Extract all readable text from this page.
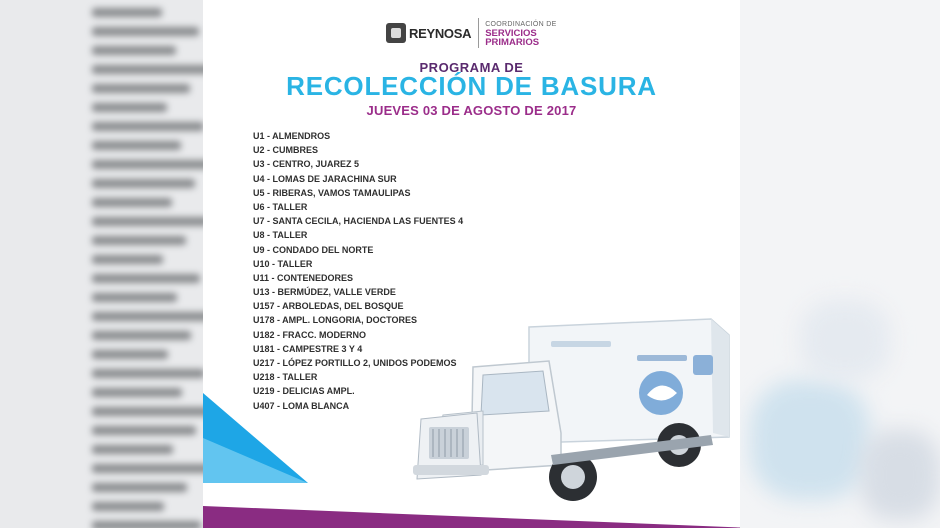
REYNOSA
COORDINACIÓN DE
SERVICIOS
PRIMARIOS
PROGRAMA DE
RECOLECCIÓN DE BASURA
JUEVES 03 DE AGOSTO DE 2017
U1 - ALMENDROS
U2 - CUMBRES
U3 - CENTRO, JUAREZ 5
U4 - LOMAS DE JARACHINA SUR
U5 - RIBERAS, VAMOS TAMAULIPAS
U6 - TALLER
U7 - SANTA CECILA, HACIENDA LAS FUENTES 4
U8 - TALLER
U9 - CONDADO DEL NORTE
U10 - TALLER
U11 - CONTENEDORES
U13 - BERMÚDEZ, VALLE VERDE
U157 - ARBOLEDAS, DEL BOSQUE
U178 - AMPL. LONGORIA, DOCTORES
U182 - FRACC. MODERNO
U181 - CAMPESTRE 3 Y 4
U217 - LÓPEZ PORTILLO 2, UNIDOS PODEMOS
U218 - TALLER
U219 - DELICIAS AMPL.
U407 - LOMA BLANCA
